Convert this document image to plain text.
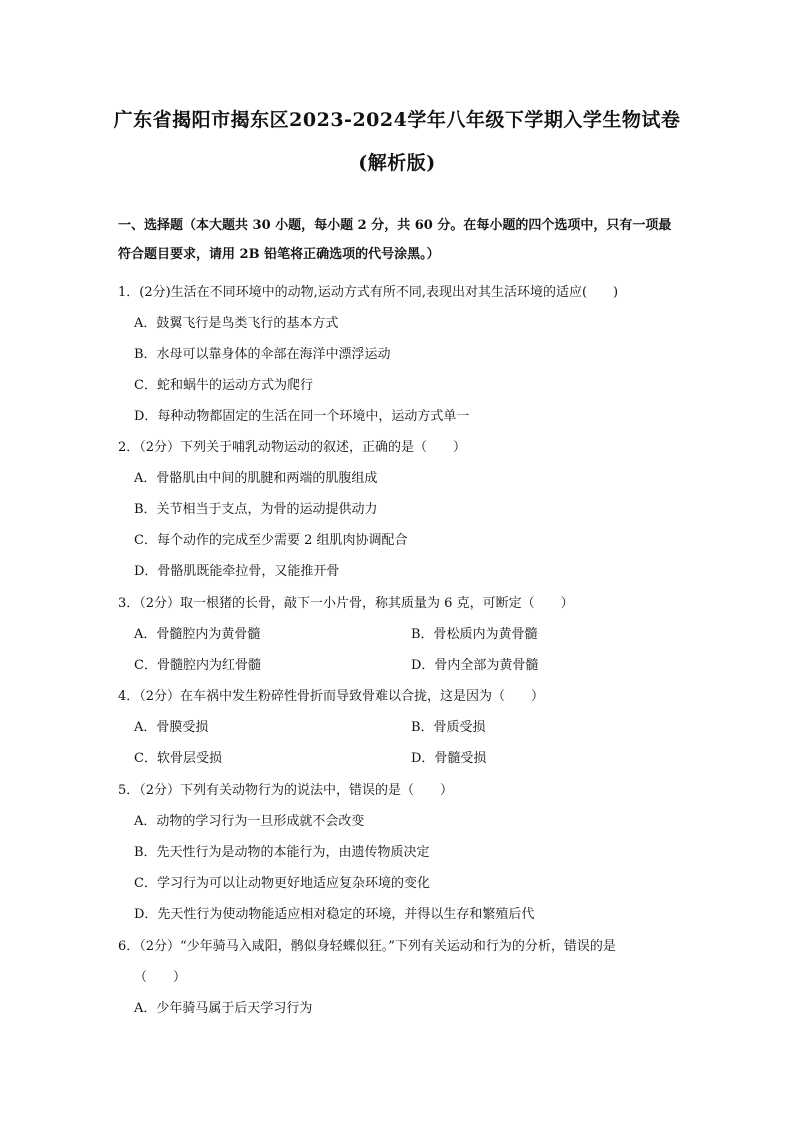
广东省揭阳市揭东区2023-2024学年八年级下学期入学生物试卷
(解析版)
一、选择题（本大题共 30 小题，每小题 2 分，共 60 分。在每小题的四个选项中，只有一项最符合题目要求，请用 2B 铅笔将正确选项的代号涂黑。）
1．(2分)生活在不同环境中的动物,运动方式有所不同,表现出对其生活环境的适应(　　)
A．鼓翼飞行是鸟类飞行的基本方式
B．水母可以靠身体的伞部在海洋中漂浮运动
C．蛇和蜗牛的运动方式为爬行
D．每种动物都固定的生活在同一个环境中，运动方式单一
2．（2分）下列关于哺乳动物运动的叙述，正确的是（　　）
A．骨骼肌由中间的肌腱和两端的肌腹组成
B．关节相当于支点，为骨的运动提供动力
C．每个动作的完成至少需要 2 组肌肉协调配合
D．骨骼肌既能牵拉骨，又能推开骨
3．（2分）取一根猪的长骨，敲下一小片骨，称其质量为 6 克，可断定（　　）
A．骨髓腔内为黄骨髓	B．骨松质内为黄骨髓
C．骨髓腔内为红骨髓	D．骨内全部为黄骨髓
4．（2分）在车祸中发生粉碎性骨折而导致骨难以合拢，这是因为（　　）
A．骨膜受损	B．骨质受损
C．软骨层受损	D．骨髓受损
5．（2分）下列有关动物行为的说法中，错误的是（　　）
A．动物的学习行为一旦形成就不会改变
B．先天性行为是动物的本能行为，由遗传物质决定
C．学习行为可以让动物更好地适应复杂环境的变化
D．先天性行为使动物能适应相对稳定的环境，并得以生存和繁殖后代
6．（2分）“少年骑马入咸阳，鹘似身轻蝶似狂。”下列有关运动和行为的分析，错误的是
（　　）
A．少年骑马属于后天学习行为
